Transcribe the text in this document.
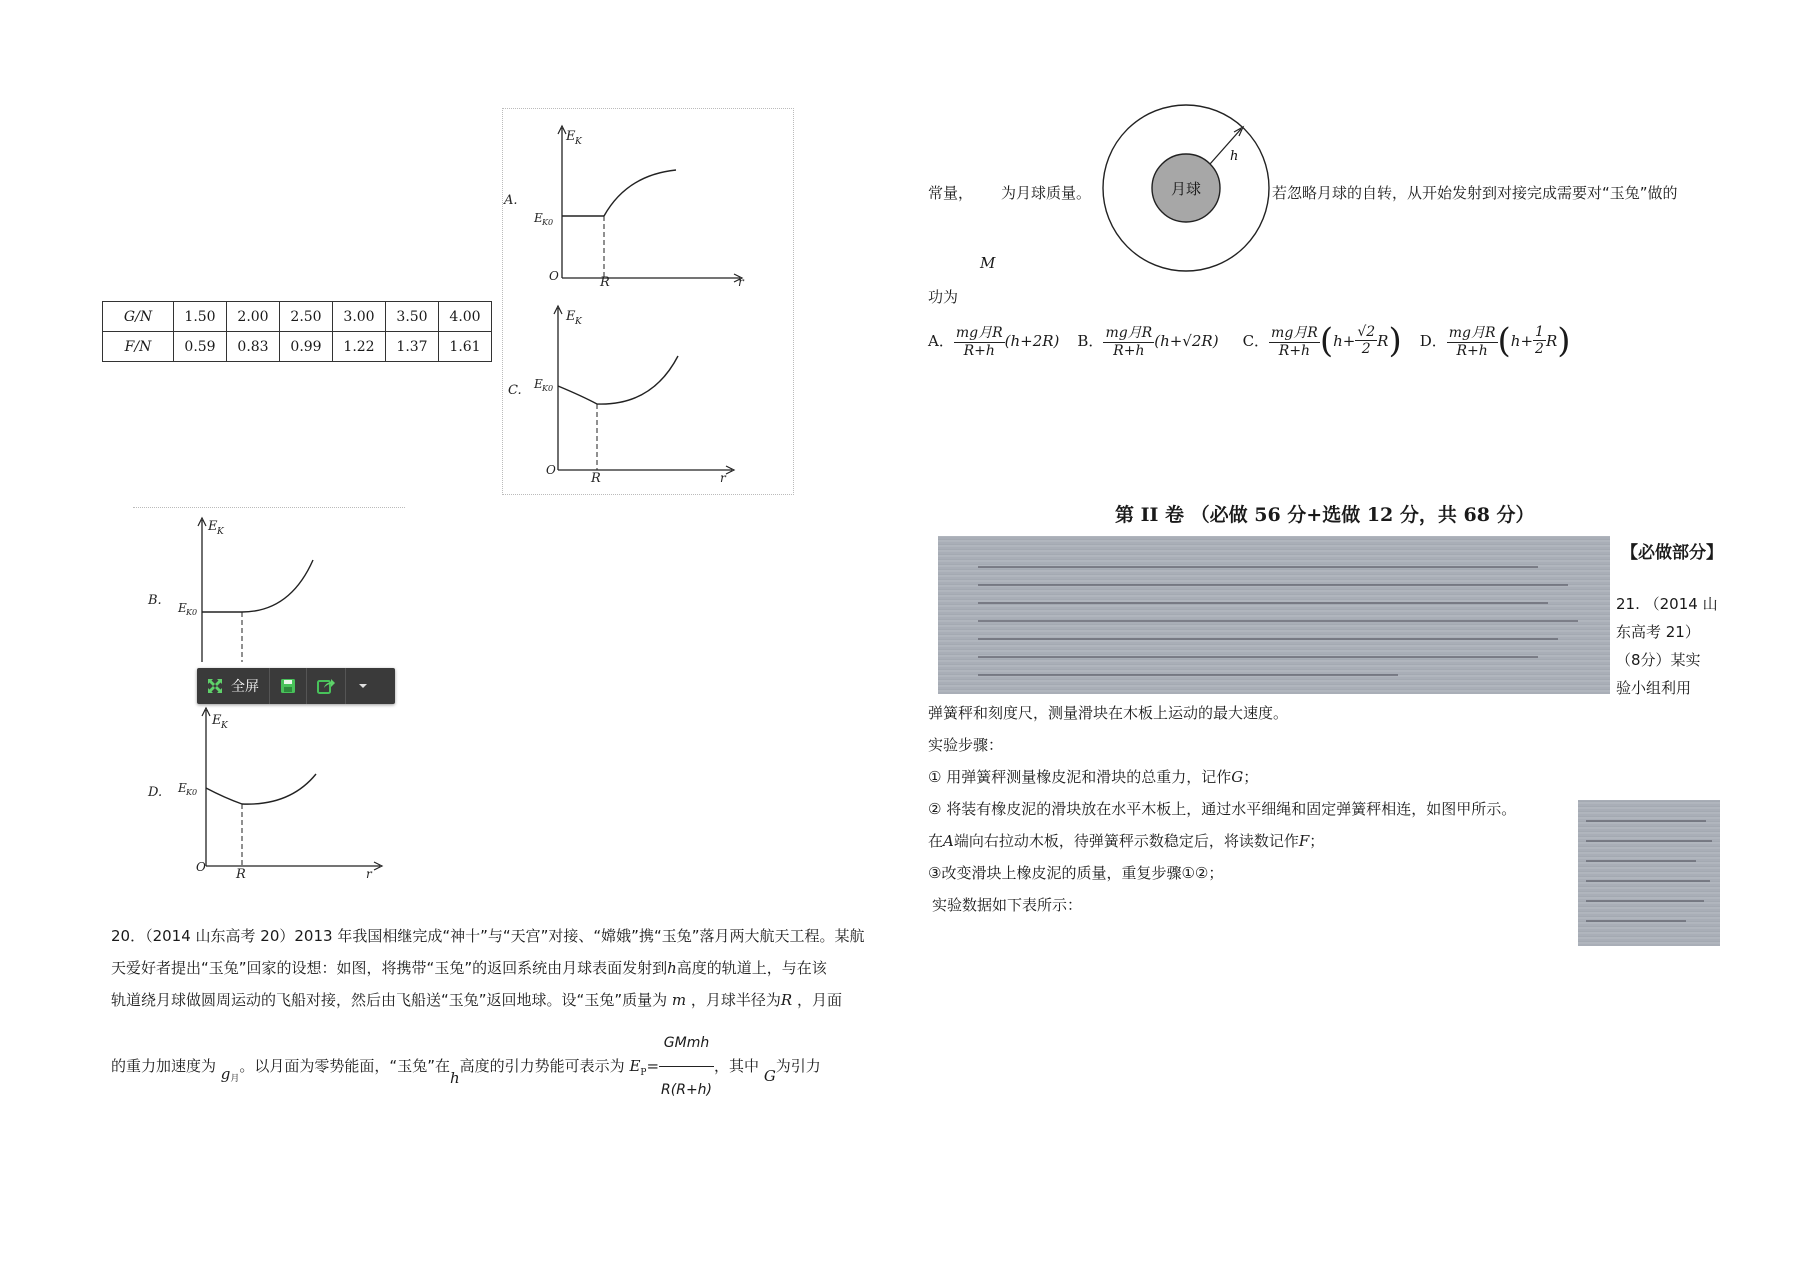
G/N	1.50	2.00	2.50	3.00	3.50	4.00
F/N	0.59	0.83	0.99	1.22	1.37	1.61
A.
E K
E K0
O	R	r
C.
E K
E K0
O
R	r
B.
E K
E K0
全屏
D.
E K
E K0
O R	r
20．（2014 山东高考 20）2013 年我国相继完成“神十”与“天宫”对接、“嫦娥”携“玉兔”落月两大航天工程。某航
天爱好者提出“玉兔”回家的设想：如图，将携带“玉兔”的返回系统由月球表面发射到h高度的轨道上，与在该
轨道绕月球做圆周运动的飞船对接，然后由飞船送“玉兔”返回地球。设“玉兔”质量为 m ，月球半径为R ，月面
的重力加速度为 $g_月$。以月面为零势能面，“玉兔”在h高度的引力势能可表示为 $E_P= \frac{\text{GMmh}}{R(R+h)}$ ，其中 G为引力
月球
h
常量， 为月球质量。	若忽略月球的自转，从开始发射到对接完成需要对“玉兔”做的
M
功为
A． $\frac{\text{mg月R}}{R+h} (h+2R)$ B． $\frac{\text{mg月R}}{R+h} (h+√2R)$ C． $\frac{\text{mg月R}}{R+h}$ ( $h+ \frac{√2}{2}$ R ) D． $\frac{\text{mg月R}}{R+h}$ ( $h+ \frac{1}{2}$ R )
第 II 卷 （必做 56 分+选做 12 分，共 68 分）
【必做部分】
21. （2014 山
东高考 21）
（8分）某实
验小组利用
弹簧秤和刻度尺，测量滑块在木板上运动的最大速度。
实验步骤：
① 用弹簧秤测量橡皮泥和滑块的总重力，记作G；
② 将装有橡皮泥的滑块放在水平木板上，通过水平细绳和固定弹簧秤相连，如图甲所示。
在A端向右拉动木板，待弹簧秤示数稳定后，将读数记作F；
③改变滑块上橡皮泥的质量，重复步骤①②；
实验数据如下表所示：
